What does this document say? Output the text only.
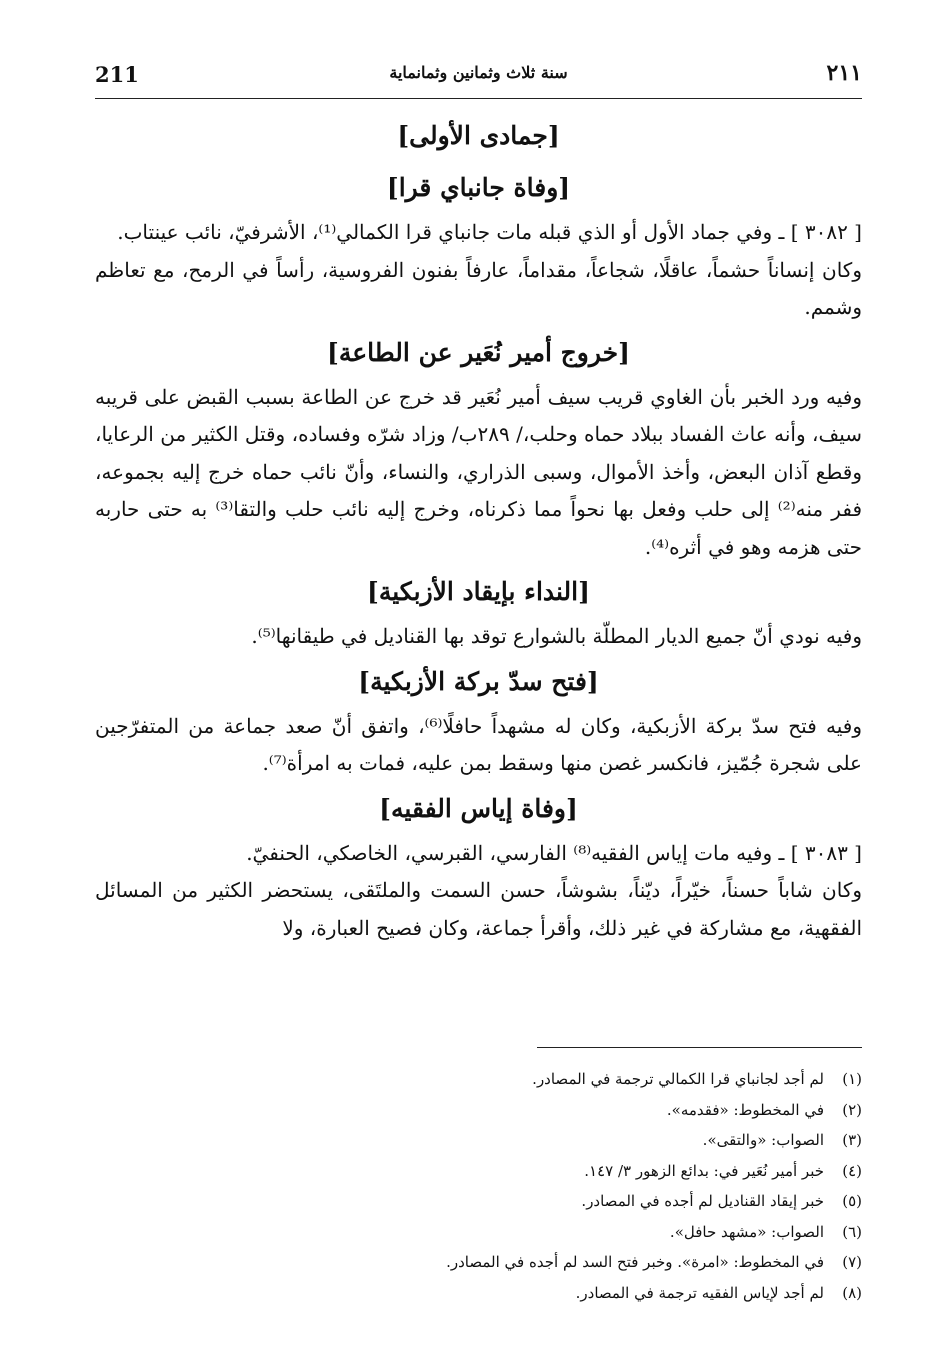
٢١١
سنة ثلاث وثمانين وثمانماية
211
[جمادى الأولى]
[وفاة جانباي قرا]

[ ٣٠٨٢ ] ـ وفي جماد الأول أو الذي قبله مات جانباي قرا الكمالي⁽¹⁾، الأشرفيّ، نائب عينتاب.

وكان إنساناً حشماً، عاقلًا، شجاعاً، مقداماً، عارفاً بفنون الفروسية، رأساً في الرمح، مع تعاظم وشمم.

[خروج أمير نُعَير عن الطاعة]

وفيه ورد الخبر بأن الغاوي قريب سيف أمير نُعَير قد خرج عن الطاعة بسبب القبض على قريبه سيف، وأنه عاث الفساد ببلاد حماه وحلب،/ ٢٨٩ب/ وزاد شرّه وفساده، وقتل الكثير من الرعايا، وقطع آذان البعض، وأخذ الأموال، وسبى الذراري، والنساء، وأنّ نائب حماه خرج إليه بجموعه، ففر منه⁽²⁾ إلى حلب وفعل بها نحواً مما ذكرناه، وخرج إليه نائب حلب والتقا⁽³⁾ به حتى حاربه حتى هزمه وهو في أثره⁽⁴⁾.

[النداء بإيقاد الأزبكية]

وفيه نودي أنّ جميع الديار المطلّة بالشوارع توقد بها القناديل في طيقانها⁽⁵⁾.

[فتح سدّ بركة الأزبكية]

وفيه فتح سدّ بركة الأزبكية، وكان له مشهداً حافلًا⁽⁶⁾، واتفق أنّ صعد جماعة من المتفرّجين على شجرة جُمّيز، فانكسر غصن منها وسقط بمن عليه، فمات به امرأة⁽⁷⁾.

[وفاة إياس الفقيه]

[ ٣٠٨٣ ] ـ وفيه مات إياس الفقيه⁽⁸⁾ الفارسي، القبرسي، الخاصكي، الحنفيّ.

وكان شاباً حسناً، خيّراً، ديّناً، بشوشاً، حسن السمت والملتَقى، يستحضر الكثير من المسائل الفقهية، مع مشاركة في غير ذلك، وأقرأ جماعة، وكان فصيح العبارة، ولا

(١)لم أجد لجانباي قرا الكمالي ترجمة في المصادر.

(٢)في المخطوط: «فقدمه».

(٣)الصواب: «والتقى».

(٤)خبر أمير نُعَير في: بدائع الزهور ٣/ ١٤٧.

(٥)خبر إيقاد القناديل لم أجده في المصادر.

(٦)الصواب: «مشهد حافل».

(٧)في المخطوط: «امرة». وخبر فتح السد لم أجده في المصادر.

(٨)لم أجد لإياس الفقيه ترجمة في المصادر.
